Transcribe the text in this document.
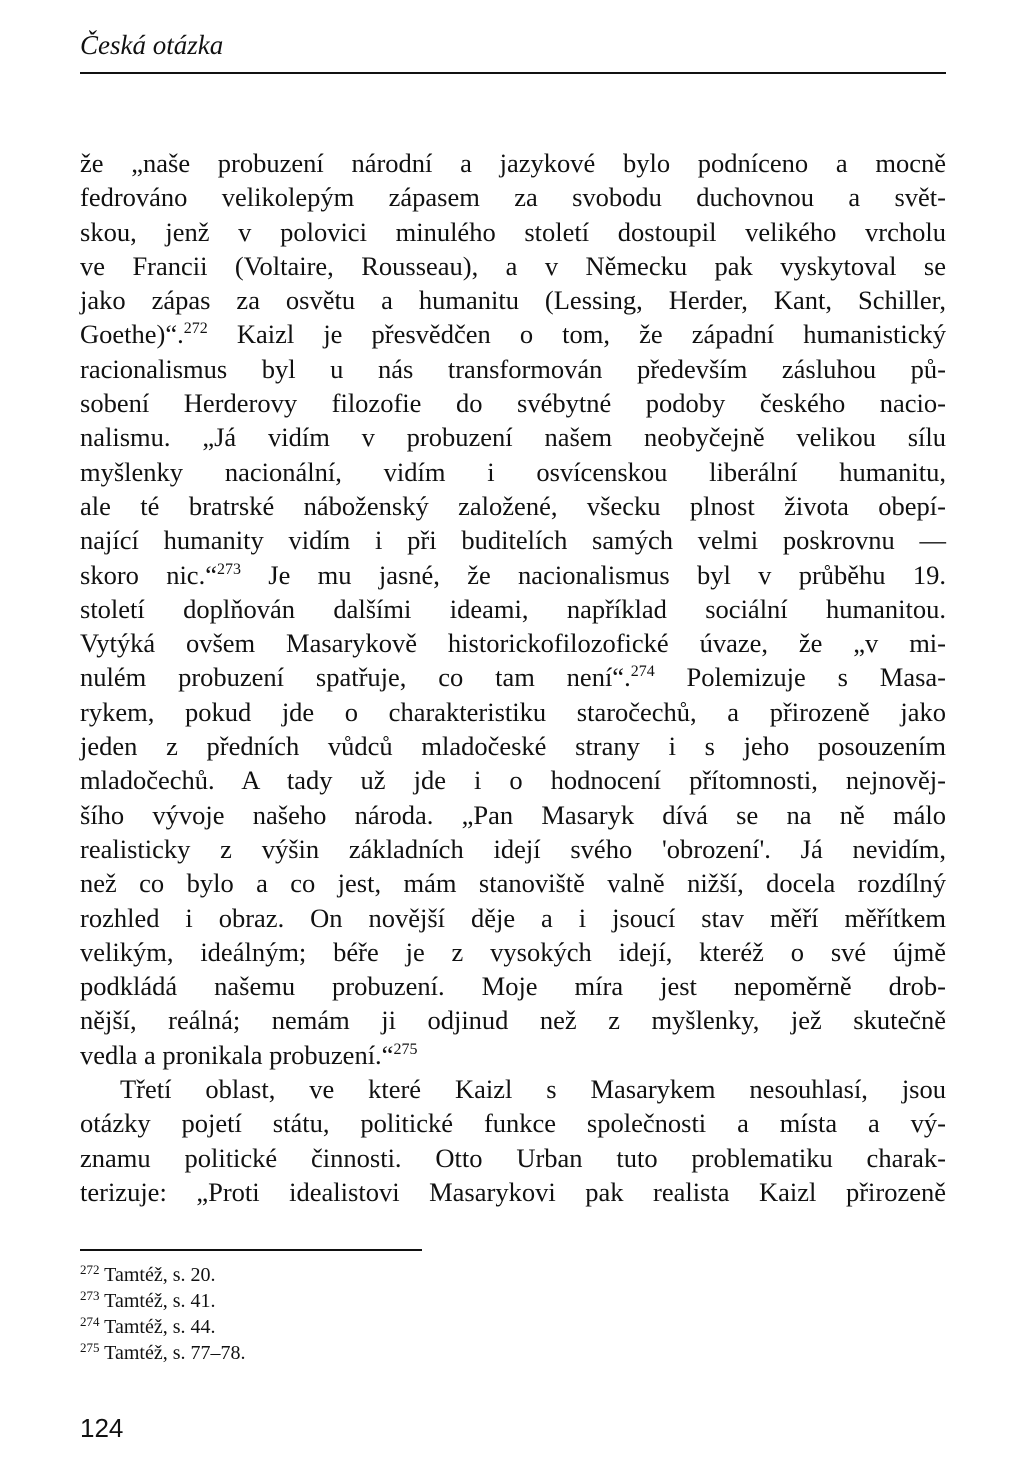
Česká otázka

že „naše probuzení národní a jazykové bylo podníceno a mocně
fedrováno velikolepým zápasem za svobodu duchovnou a svět-
skou, jenž v polovici minulého století dostoupil velikého vrcholu
ve Francii (Voltaire, Rousseau), a v Německu pak vyskytoval se
jako zápas za osvětu a humanitu (Lessing, Herder, Kant, Schiller,
Goethe)“.$^{272}$ Kaizl je přesvědčen o tom, že západní humanistický
racionalismus byl u nás transformován především zásluhou pů-
sobení Herderovy filozofie do svébytné podoby českého nacio-
nalismu. „Já vidím v probuzení našem neobyčejně velikou sílu
myšlenky nacionální, vidím i osvícenskou liberální humanitu,
ale té bratrské náboženský založené, všecku plnost života obepí-
nající humanity vidím i při buditelích samých velmi poskrovnu —
skoro nic.“$^{273}$ Je mu jasné, že nacionalismus byl v průběhu 19.
století doplňován dalšími ideami, například sociální humanitou.
Vytýká ovšem Masarykově historickofilozofické úvaze, že „v mi-
nulém probuzení spatřuje, co tam není“.$^{274}$ Polemizuje s Masa-
rykem, pokud jde o charakteristiku staročechů, a přirozeně jako
jeden z předních vůdců mladočeské strany i s jeho posouzením
mladočechů. A tady už jde i o hodnocení přítomnosti, nejnověj-
šího vývoje našeho národa. „Pan Masaryk dívá se na ně málo
realisticky z výšin základních idejí svého 'obrození'. Já nevidím,
než co bylo a co jest, mám stanoviště valně nižší, docela rozdílný
rozhled i obraz. On novější děje a i jsoucí stav měří měřítkem
velikým, ideálným; béře je z vysokých idejí, kteréž o své újmě
podkládá našemu probuzení. Moje míra jest nepoměrně drob-
nější, reálná; nemám ji odjinud než z myšlenky, jež skutečně
vedla a pronikala probuzení.“$^{275}$

Třetí oblast, ve které Kaizl s Masarykem nesouhlasí, jsou
otázky pojetí státu, politické funkce společnosti a místa a vý-
znamu politické činnosti. Otto Urban tuto problematiku charak-
terizuje: „Proti idealistovi Masarykovi pak realista Kaizl přirozeně

$^{272}$ Tamtéž, s. 20.
$^{273}$ Tamtéž, s. 41.
$^{274}$ Tamtéž, s. 44.
$^{275}$ Tamtéž, s. 77–78.
124
